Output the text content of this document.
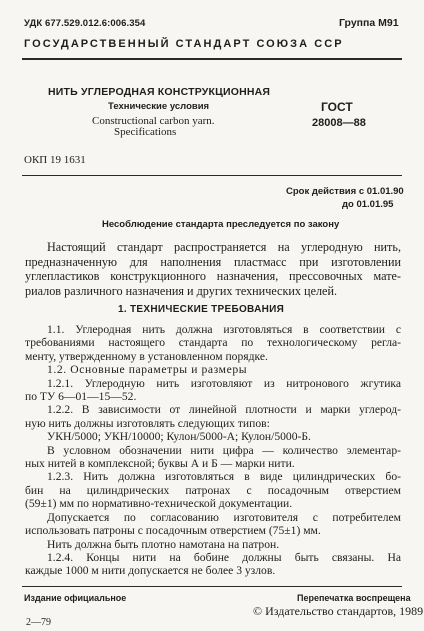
УДК 677.529.012.6:006.354	Группа М91
ГОСУДАРСТВЕННЫЙ СТАНДАРТ СОЮЗА ССР
НИТЬ УГЛЕРОДНАЯ КОНСТРУКЦИОННАЯ
Технические условия
Constructional carbon yarn.
Specifications
ГОСТ
28008—88
ОКП 19 1631
Срок действия с 01.01.90
до 01.01.95
Несоблюдение стандарта преследуется по закону

Настоящий стандарт распространяется на углеродную нить,

предназначенную для наполнения пластмасс при изготовлении

углепластиков конструкционного назначения, прессовочных мате-

риалов различного назначения и других технических целей.

1. ТЕХНИЧЕСКИЕ ТРЕБОВАНИЯ

1.1. Углеродная нить должна изготовляться в соответствии с

требованиями настоящего стандарта по технологическому регла-

менту, утвержденному в установленном порядке.

1.2. Основные параметры и размеры

1.2.1. Углеродную нить изготовляют из нитронового жгутика

по ТУ 6—01—15—52.

1.2.2. В зависимости от линейной плотности и марки углерод-

ную нить должны изготовлять следующих типов:

УКН/5000; УКН/10000; Кулон/5000-А; Кулон/5000-Б.

В условном обозначении нити цифра — количество элементар-

ных нитей в комплексной; буквы А и Б — марки нити.

1.2.3. Нить должна изготовляться в виде цилиндрических бо-

бин на цилиндрических патронах с посадочным отверстием

(59±1) мм по нормативно-технической документации.

Допускается по согласованию изготовителя с потребителем

использовать патроны с посадочным отверстием (75±1) мм.

Нить должна быть плотно намотана на патрон.

1.2.4. Концы нити на бобине должны быть связаны. На

каждые 1000 м нити допускается не более 3 узлов.

Издание официальное	Перепечатка воспрещена
© Издательство стандартов, 1989
2—79
